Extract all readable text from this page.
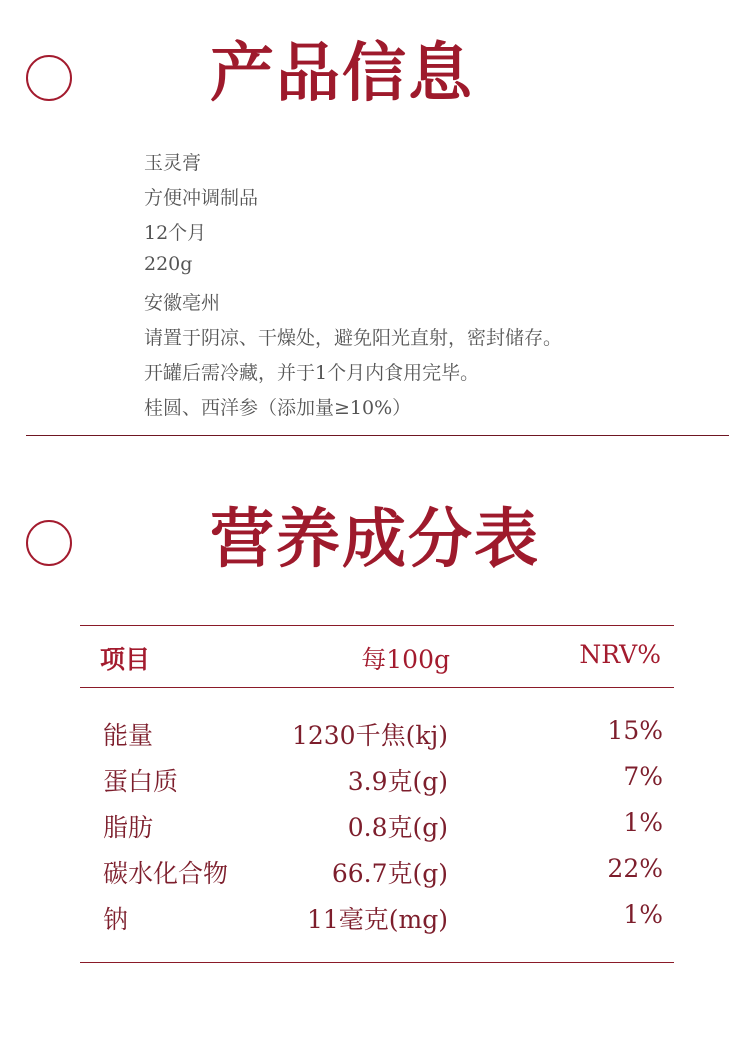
产品信息
玉灵膏
方便冲调制品
12个月
220g
安徽亳州
请置于阴凉、干燥处，避免阳光直射，密封储存。
开罐后需冷藏，并于1个月内食用完毕。
桂圆、西洋参（添加量≥10%）
营养成分表
项目	每100g	NRV%
能量	1230千焦(kj)	15%
蛋白质	3.9克(g)	7%
脂肪	0.8克(g)	1%
碳水化合物	66.7克(g)	22%
钠	11毫克(mg)	1%
